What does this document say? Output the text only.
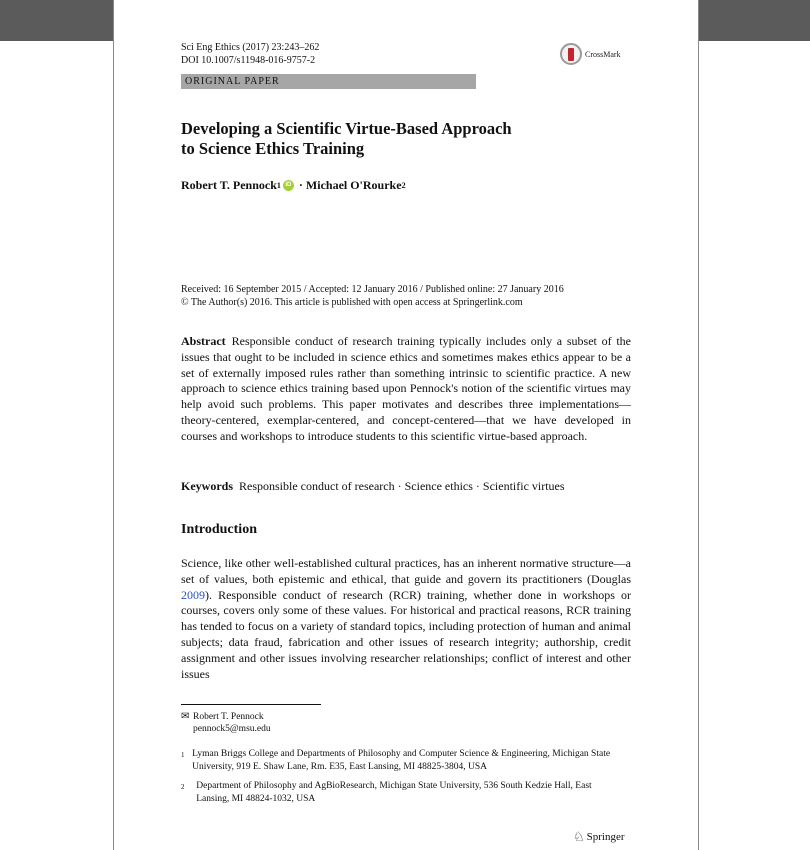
Sci Eng Ethics (2017) 23:243–262
DOI 10.1007/s11948-016-9757-2
CrossMark
ORIGINAL PAPER
Developing a Scientific Virtue-Based Approach
to Science Ethics Training
Robert T. Pennock 1 iD · Michael O'Rourke 2
Received: 16 September 2015 / Accepted: 12 January 2016 / Published online: 27 January 2016
© The Author(s) 2016. This article is published with open access at Springerlink.com
Abstract Responsible conduct of research training typically includes only a subset of the issues that ought to be included in science ethics and sometimes makes ethics appear to be a set of externally imposed rules rather than something intrinsic to scientific practice. A new approach to science ethics training based upon Pennock's notion of the scientific virtues may help avoid such problems. This paper motivates and describes three implementations—theory-centered, exemplar-centered, and concept-centered—that we have developed in courses and workshops to introduce students to this scientific virtue-based approach.
Keywords Responsible conduct of research · Science ethics · Scientific virtues
Introduction
Science, like other well-established cultural practices, has an inherent normative structure—a set of values, both epistemic and ethical, that guide and govern its practitioners (Douglas 2009). Responsible conduct of research (RCR) training, whether done in workshops or courses, covers only some of these values. For historical and practical reasons, RCR training has tended to focus on a variety of standard topics, including protection of human and animal subjects; data fraud, fabrication and other issues of research integrity; authorship, credit assignment and other issues involving researcher relationships; conflict of interest and other issues
✉ Robert T. Pennock
pennock5@msu.edu
1 Lyman Briggs College and Departments of Philosophy and Computer Science & Engineering, Michigan State University, 919 E. Shaw Lane, Rm. E35, East Lansing, MI 48825-3804, USA
2	Department of Philosophy and AgBioResearch, Michigan State University, 536 South Kedzie Hall, East Lansing, MI 48824-1032, USA
♘ Springer
